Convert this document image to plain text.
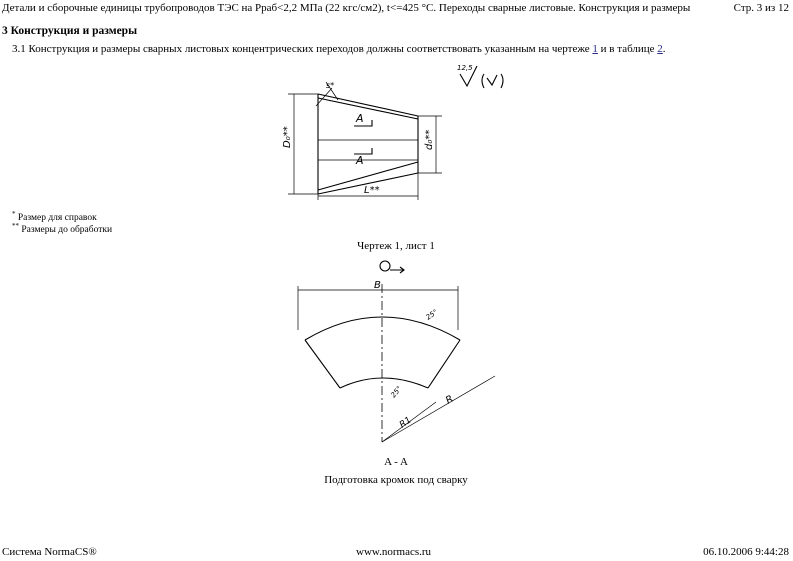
Детали и сборочные единицы трубопроводов ТЭС на Рраб<2,2 МПа (22 кгс/см2), t<=425 °С. Переходы сварные листовые. Конструкция и размеры	Стр. 3 из 12
3 Конструкция и размеры
3.1 Конструкция и размеры сварных листовых концентрических переходов должны соответствовать указанным на чертеже 1 и в таблице 2.
12,5
D₀**	d₀**
L**
A
A
s*
* Размер для справок
** Размеры до обработки
Чертеж 1, лист 1
B
R
R1
25°
25°
A - A
Подготовка кромок под сварку
Система NormaCS®	www.normacs.ru	06.10.2006 9:44:28
